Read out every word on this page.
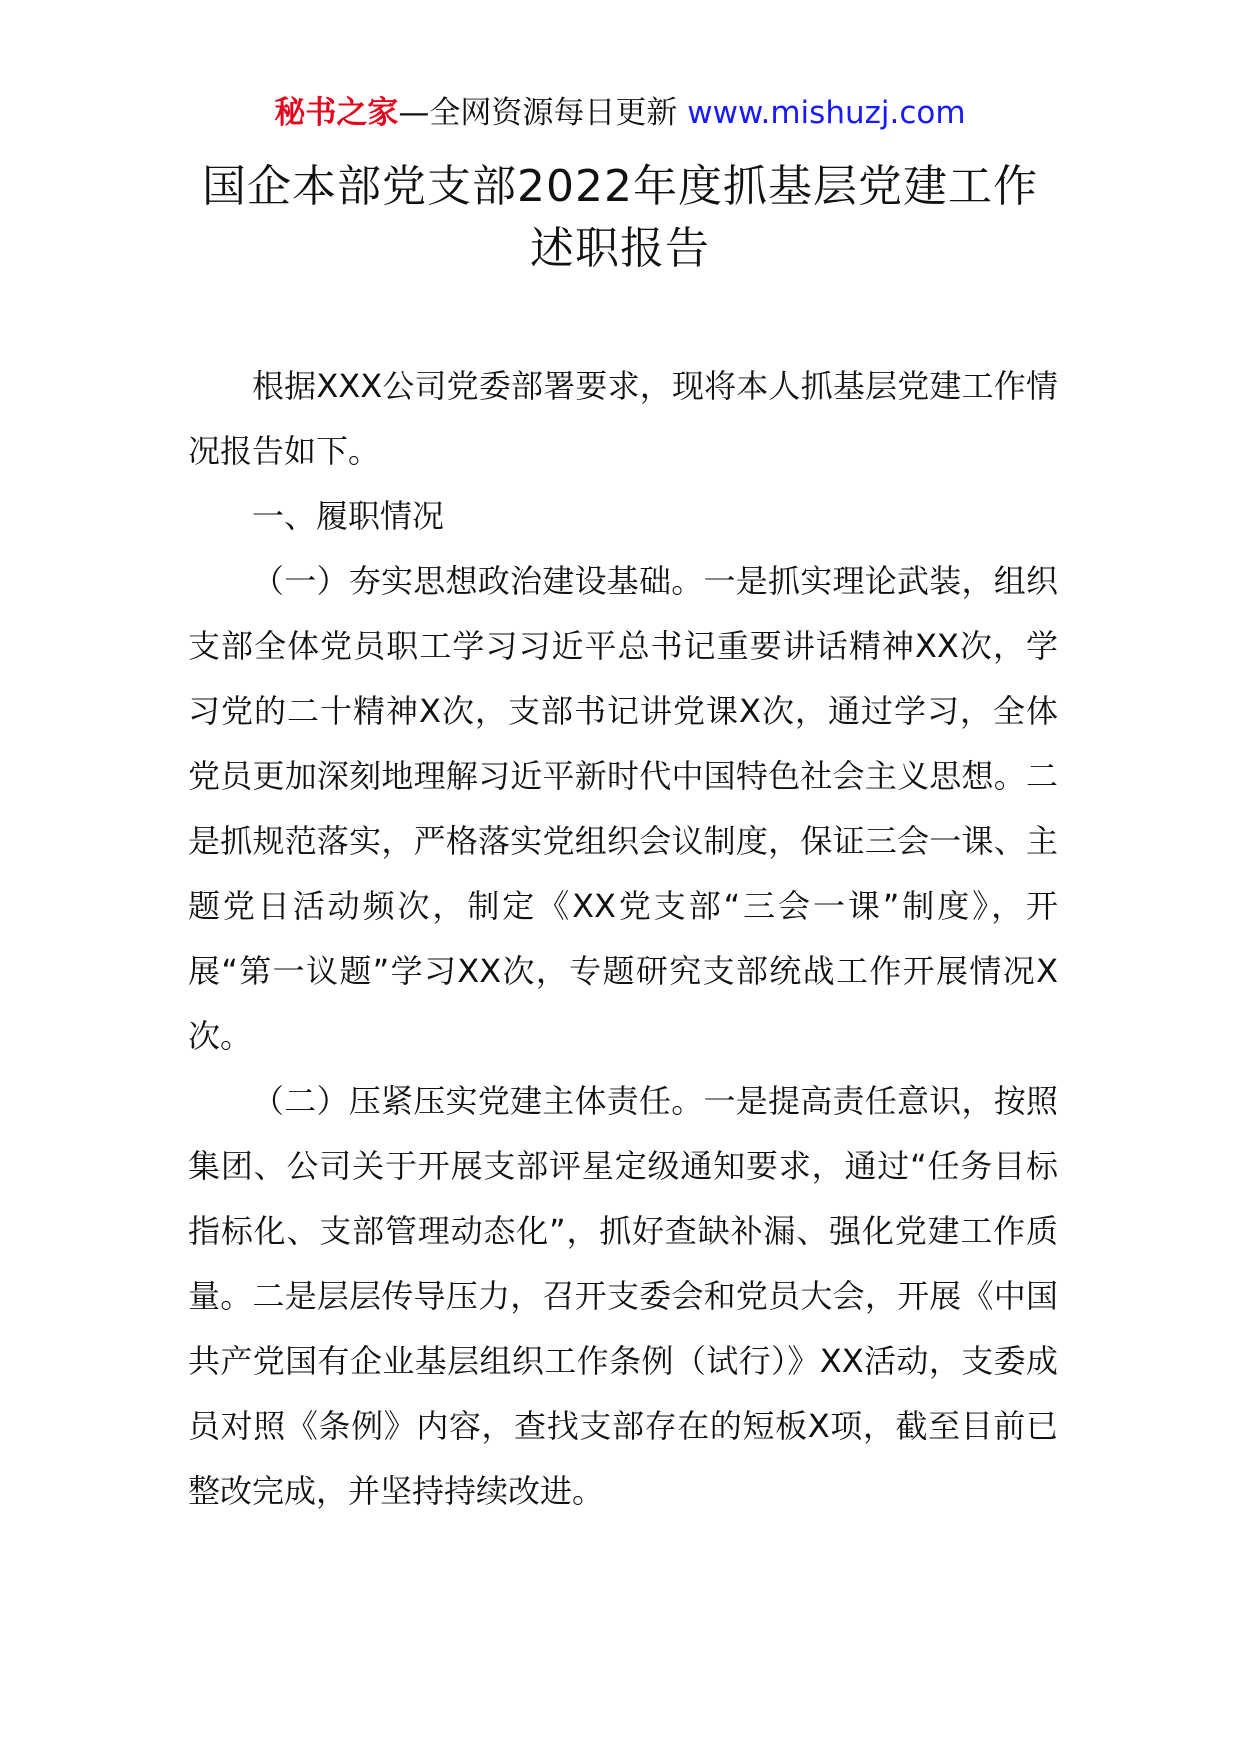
秘书之家—全网资源每日更新 www.mishuzj.com
国企本部党支部2022年度抓基层党建工作
述职报告

根据XXX公司党委部署要求，现将本人抓基层党建工作情况报告如下。

一、履职情况

（一）夯实思想政治建设基础。一是抓实理论武装，组织支部全体党员职工学习习近平总书记重要讲话精神XX次，学习党的二十精神X次，支部书记讲党课X次，通过学习，全体党员更加深刻地理解习近平新时代中国特色社会主义思想。二是抓规范落实，严格落实党组织会议制度，保证三会一课、主题党日活动频次，制定《XX党支部“三会一课”制度》，开展“第一议题”学习XX次，专题研究支部统战工作开展情况X次。

（二）压紧压实党建主体责任。一是提高责任意识，按照集团、公司关于开展支部评星定级通知要求，通过“任务目标指标化、支部管理动态化”，抓好查缺补漏、强化党建工作质量。二是层层传导压力，召开支委会和党员大会，开展《中国共产党国有企业基层组织工作条例（试行）》XX活动，支委成员对照《条例》内容，查找支部存在的短板X项，截至目前已整改完成，并坚持持续改进。
